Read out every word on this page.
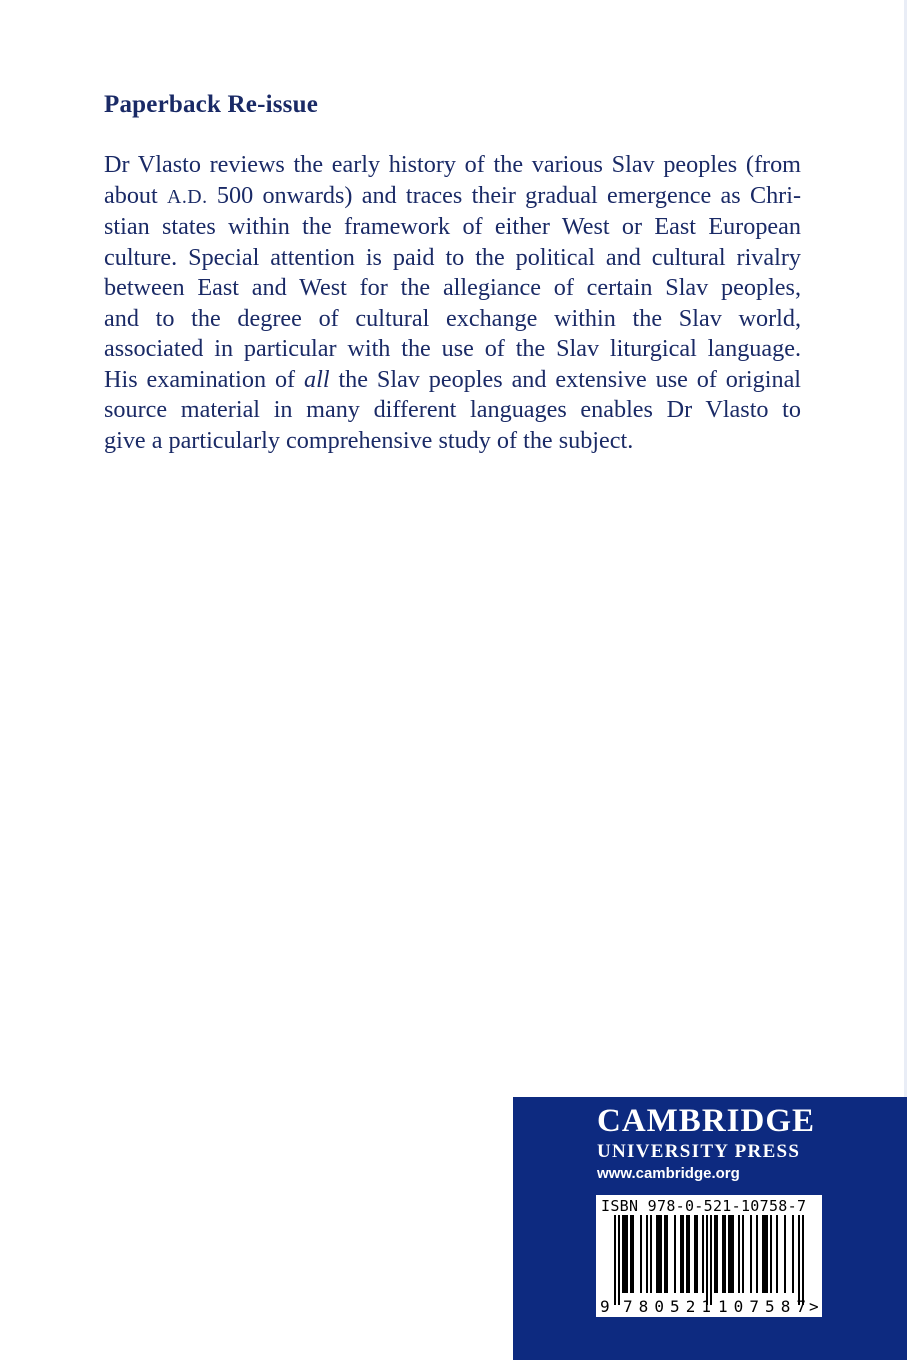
Paperback Re-issue

Dr Vlasto reviews the early history of the various Slav peoples (from
about A.D. 500 onwards) and traces their gradual emergence as Chri-
stian states within the framework of either West or East European
culture. Special attention is paid to the political and cultural rivalry
between East and West for the allegiance of certain Slav peoples,
and to the degree of cultural exchange within the Slav world,
associated in particular with the use of the Slav liturgical language.
His examination of all the Slav peoples and extensive use of original
source material in many different languages enables Dr Vlasto to
give a particularly comprehensive study of the subject.

CAMBRIDGE
UNIVERSITY PRESS
www.cambridge.org
ISBN 978-0-521-10758-7
9 780521 107587 >
